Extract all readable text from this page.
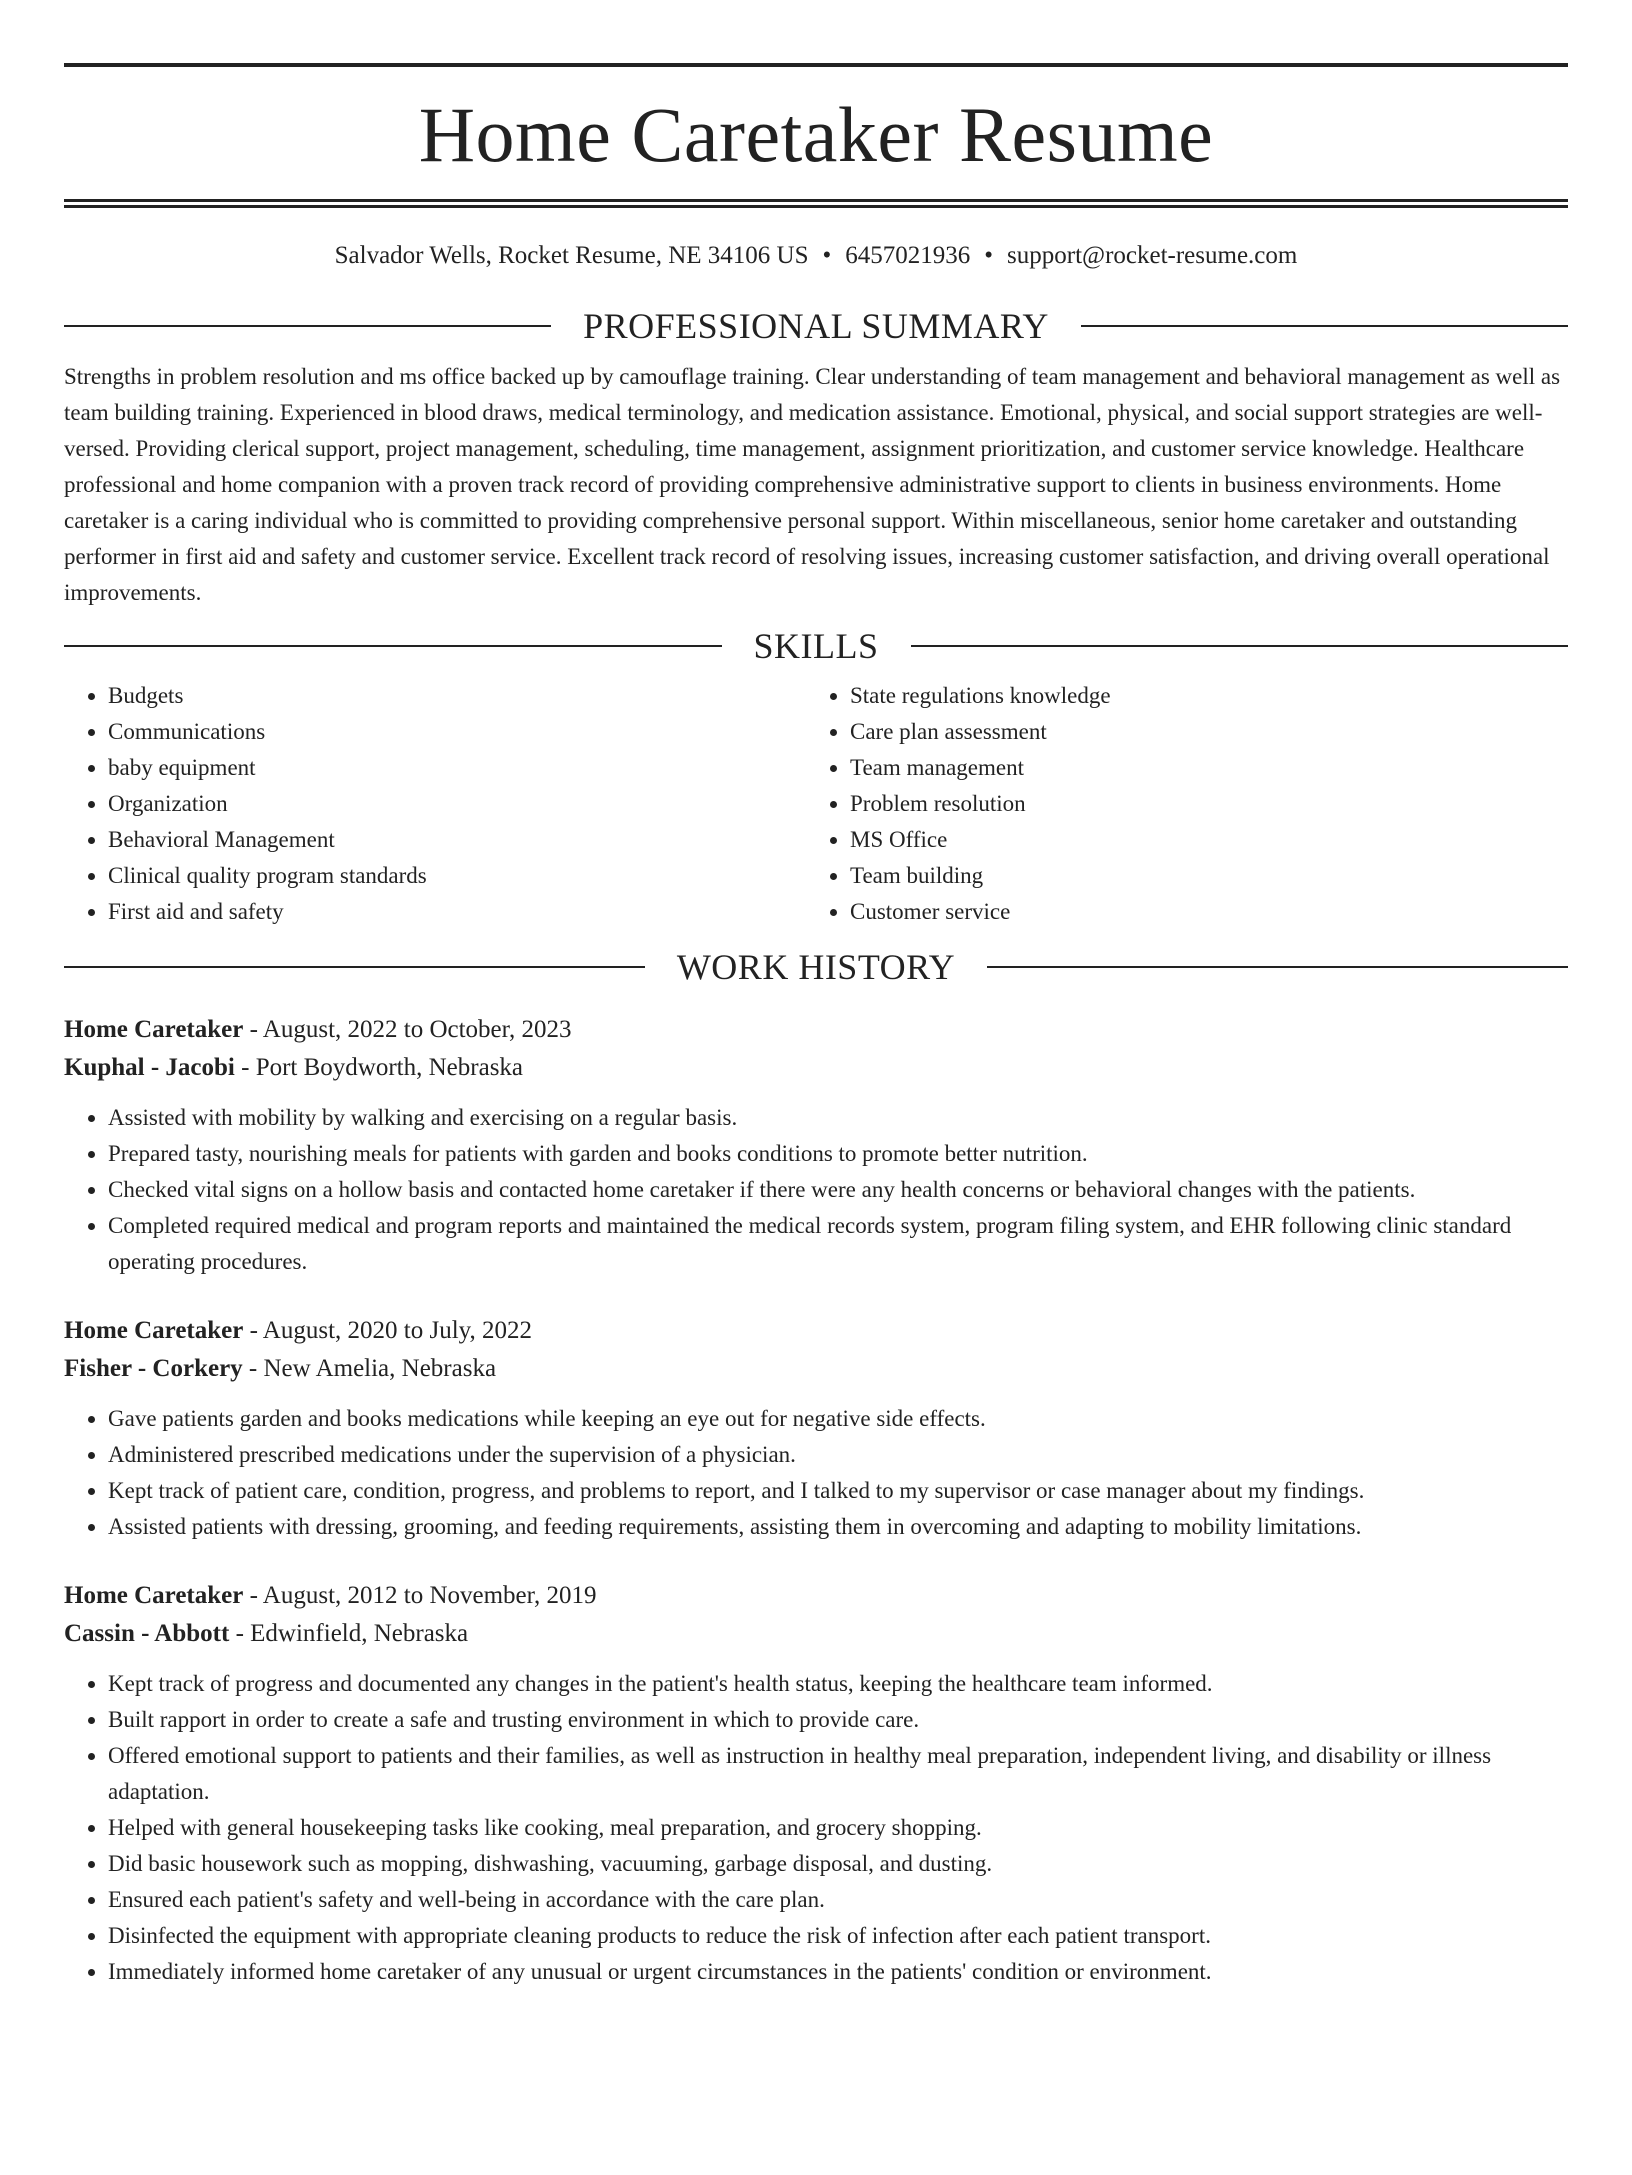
Home Caretaker Resume
Salvador Wells, Rocket Resume, NE 34106 US • 6457021936 • support@rocket-resume.com
PROFESSIONAL SUMMARY

Strengths in problem resolution and ms office backed up by camouflage training. Clear understanding of team management and behavioral management as well as team building training. Experienced in blood draws, medical terminology, and medication assistance. Emotional, physical, and social support strategies are well-versed. Providing clerical support, project management, scheduling, time management, assignment prioritization, and customer service knowledge. Healthcare professional and home companion with a proven track record of providing comprehensive administrative support to clients in business environments. Home caretaker is a caring individual who is committed to providing comprehensive personal support. Within miscellaneous, senior home caretaker and outstanding performer in first aid and safety and customer service. Excellent track record of resolving issues, increasing customer satisfaction, and driving overall operational improvements.

SKILLS
• Budgets
• Communications
• baby equipment
• Organization
• Behavioral Management
• Clinical quality program standards
• First aid and safety
• State regulations knowledge
• Care plan assessment
• Team management
• Problem resolution
• MS Office
• Team building
• Customer service
WORK HISTORY
Home Caretaker - August, 2022 to October, 2023
Kuphal - Jacobi - Port Boydworth, Nebraska
• Assisted with mobility by walking and exercising on a regular basis.
• Prepared tasty, nourishing meals for patients with garden and books conditions to promote better nutrition.
• Checked vital signs on a hollow basis and contacted home caretaker if there were any health concerns or behavioral changes with the patients.
• Completed required medical and program reports and maintained the medical records system, program filing system, and EHR following clinic standard operating procedures.
Home Caretaker - August, 2020 to July, 2022
Fisher - Corkery - New Amelia, Nebraska
• Gave patients garden and books medications while keeping an eye out for negative side effects.
• Administered prescribed medications under the supervision of a physician.
• Kept track of patient care, condition, progress, and problems to report, and I talked to my supervisor or case manager about my findings.
• Assisted patients with dressing, grooming, and feeding requirements, assisting them in overcoming and adapting to mobility limitations.
Home Caretaker - August, 2012 to November, 2019
Cassin - Abbott - Edwinfield, Nebraska
• Kept track of progress and documented any changes in the patient's health status, keeping the healthcare team informed.
• Built rapport in order to create a safe and trusting environment in which to provide care.
• Offered emotional support to patients and their families, as well as instruction in healthy meal preparation, independent living, and disability or illness adaptation.
• Helped with general housekeeping tasks like cooking, meal preparation, and grocery shopping.
• Did basic housework such as mopping, dishwashing, vacuuming, garbage disposal, and dusting.
• Ensured each patient's safety and well-being in accordance with the care plan.
• Disinfected the equipment with appropriate cleaning products to reduce the risk of infection after each patient transport.
• Immediately informed home caretaker of any unusual or urgent circumstances in the patients' condition or environment.
